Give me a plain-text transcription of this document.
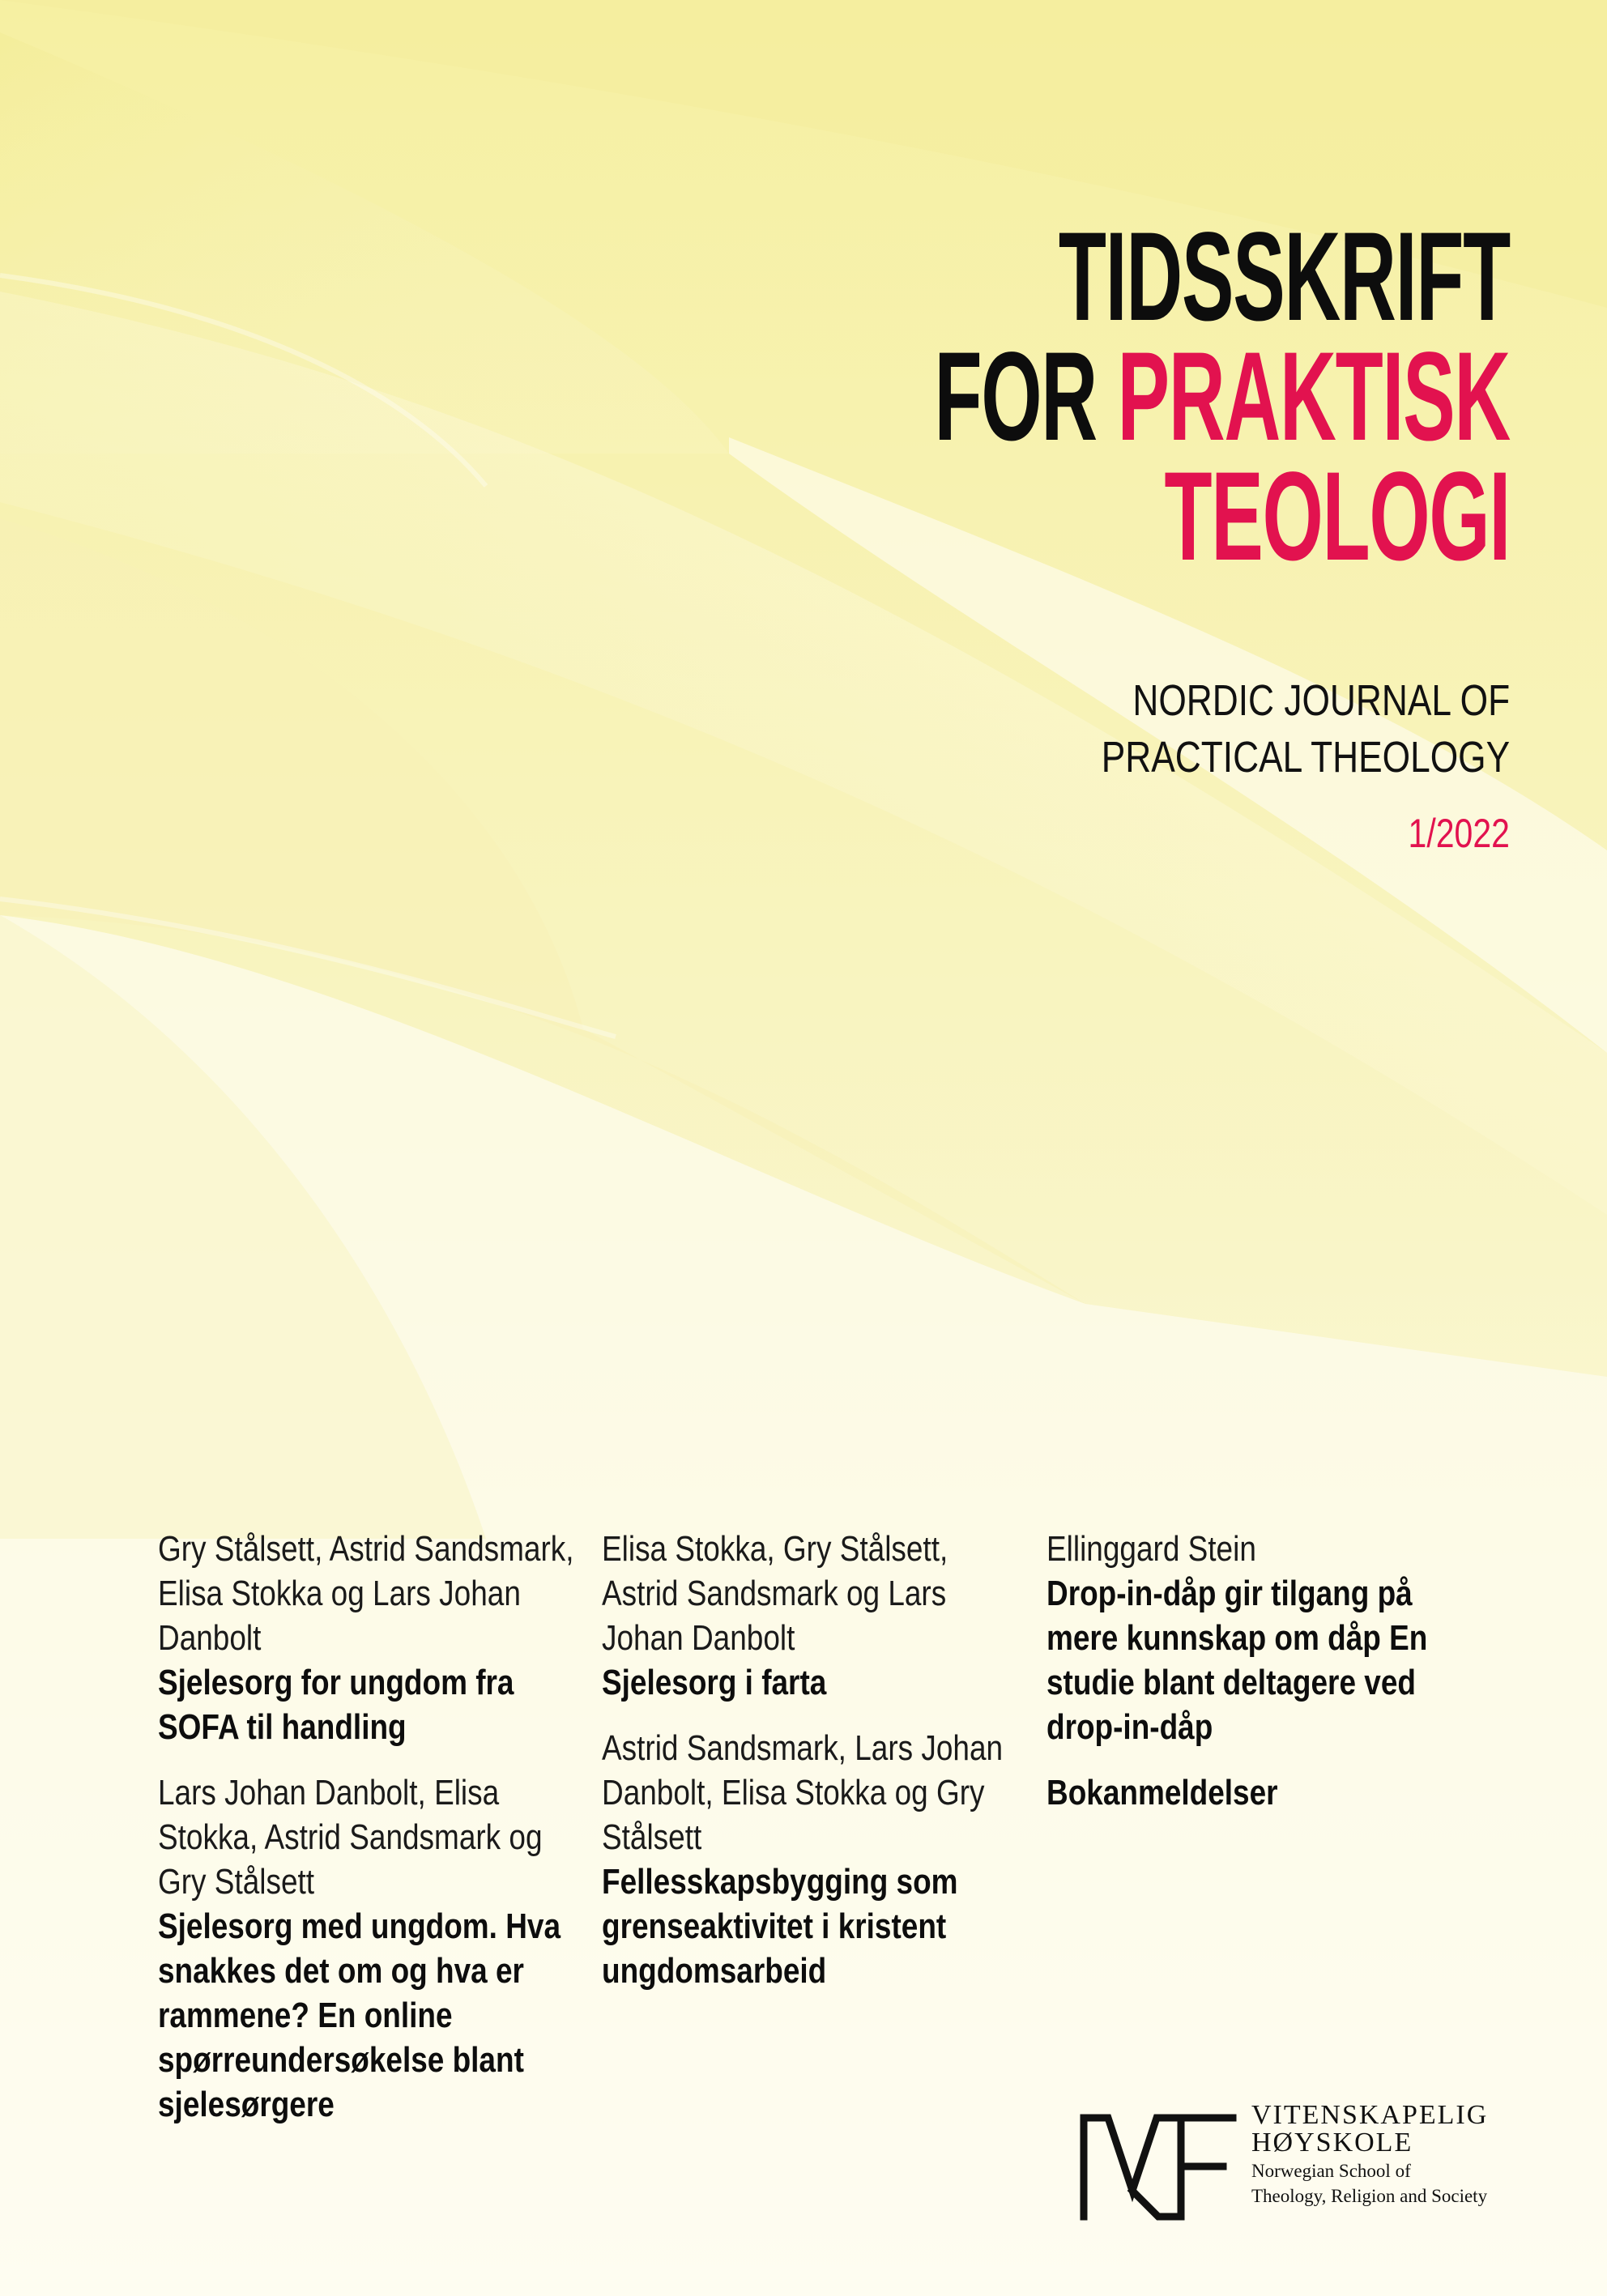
TIDSSKRIFT
FOR PRAKTISK
TEOLOGI
NORDIC JOURNAL OF
PRACTICAL THEOLOGY
1/2022
Gry Stålsett, Astrid Sandsmark, Elisa Stokka og Lars Johan Danbolt
Sjelesorg for ungdom fra SOFA til handling
Lars Johan Danbolt, Elisa Stokka, Astrid Sandsmark og Gry Stålsett
Sjelesorg med ungdom. Hva snakkes det om og hva er rammene? En online spørreundersøkelse blant sjelesørgere
Elisa Stokka, Gry Stålsett, Astrid Sandsmark og Lars Johan Danbolt
Sjelesorg i farta
Astrid Sandsmark, Lars Johan Danbolt, Elisa Stokka og Gry Stålsett
Fellesskapsbygging som grenseaktivitet i kristent ungdomsarbeid
Ellinggard Stein
Drop-in-dåp gir tilgang på mere kunnskap om dåp En studie blant deltagere ved drop-in-dåp
Bokanmeldelser
VITENSKAPELIG
HØYSKOLE
Norwegian School of
Theology, Religion and Society
